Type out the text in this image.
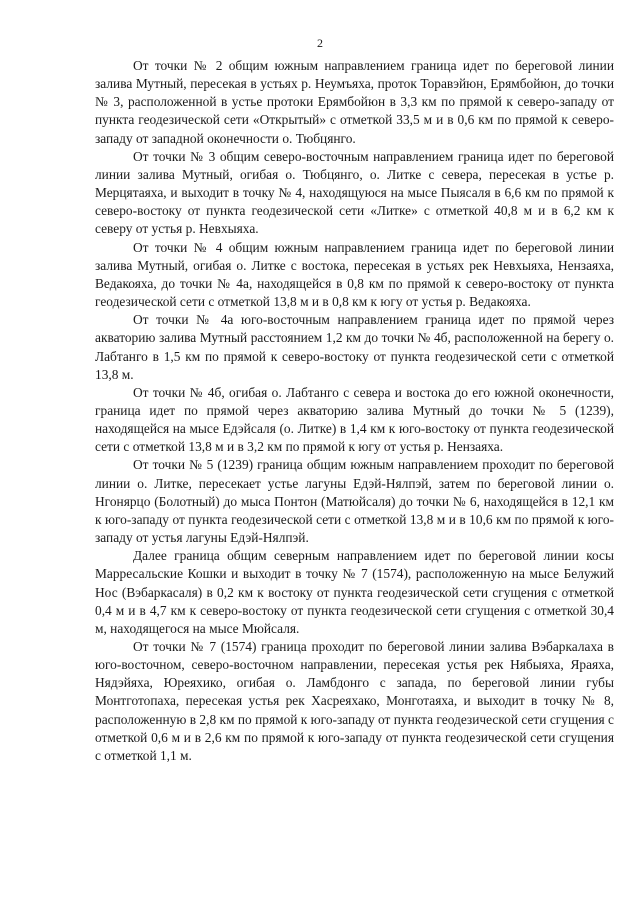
2

От точки № 2 общим южным направлением граница идет по береговой линии залива Мутный, пересекая в устьях р. Неумъяха, проток Торавэйюн, Ерямбойюн, до точки № 3, расположенной в устье протоки Ерямбойюн в 3,3 км по прямой к северо-западу от пункта геодезической сети «Открытый» с отметкой 33,5 м и в 0,6 км по прямой к северо-западу от западной оконечности о. Тюбцянго.

От точки № 3 общим северо-восточным направлением граница идет по береговой линии залива Мутный, огибая о. Тюбцянго, о. Литке с севера, пересекая в устье р. Мерцятаяха, и выходит в точку № 4, находящуюся на мысе Пыясаля в 6,6 км по прямой к северо-востоку от пункта геодезической сети «Литке» с отметкой 40,8 м и в 6,2 км к северу от устья р. Невхыяха.

От точки № 4 общим южным направлением граница идет по береговой линии залива Мутный, огибая о. Литке с востока, пересекая в устьях рек Невхыяха, Нензаяха, Ведакояха, до точки № 4а, находящейся в 0,8 км по прямой к северо-востоку от пункта геодезической сети с отметкой 13,8 м и в 0,8 км к югу от устья р. Ведакояха.

От точки № 4а юго-восточным направлением граница идет по прямой через акваторию залива Мутный расстоянием 1,2 км до точки № 4б, расположенной на берегу о. Лабтанго в 1,5 км по прямой к северо-востоку от пункта геодезической сети с отметкой 13,8 м.

От точки № 4б, огибая о. Лабтанго с севера и востока до его южной оконечности, граница идет по прямой через акваторию залива Мутный до точки № 5 (1239), находящейся на мысе Едэйсаля (о. Литке) в 1,4 км к юго-востоку от пункта геодезической сети с отметкой 13,8 м и в 3,2 км по прямой к югу от устья р. Нензаяха.

От точки № 5 (1239) граница общим южным направлением проходит по береговой линии о. Литке, пересекает устье лагуны Едэй-Нялпэй, затем по береговой линии о. Нгонярцо (Болотный) до мыса Понтон (Матюйсаля) до точки № 6, находящейся в 12,1 км к юго-западу от пункта геодезической сети с отметкой 13,8 м и в 10,6 км по прямой к юго-западу от устья лагуны Едэй-Нялпэй.

Далее граница общим северным направлением идет по береговой линии косы Марресальские Кошки и выходит в точку № 7 (1574), расположенную на мысе Белужий Нос (Вэбаркасаля) в 0,2 км к востоку от пункта геодезической сети сгущения с отметкой 0,4 м и в 4,7 км к северо-востоку от пункта геодезической сети сгущения с отметкой 30,4 м, находящегося на мысе Мюйсаля.

От точки № 7 (1574) граница проходит по береговой линии залива Вэбаркалаха в юго-восточном, северо-восточном направлении, пересекая устья рек Нябыяха, Яраяха, Нядэйяха, Юреяхико, огибая о. Ламбдонго с запада, по береговой линии губы Монтготопаха, пересекая устья рек Хасреяхако, Монготаяха, и выходит в точку № 8, расположенную в 2,8 км по прямой к юго-западу от пункта геодезической сети сгущения с отметкой 0,6 м и в 2,6 км по прямой к юго-западу от пункта геодезической сети сгущения с отметкой 1,1 м.
